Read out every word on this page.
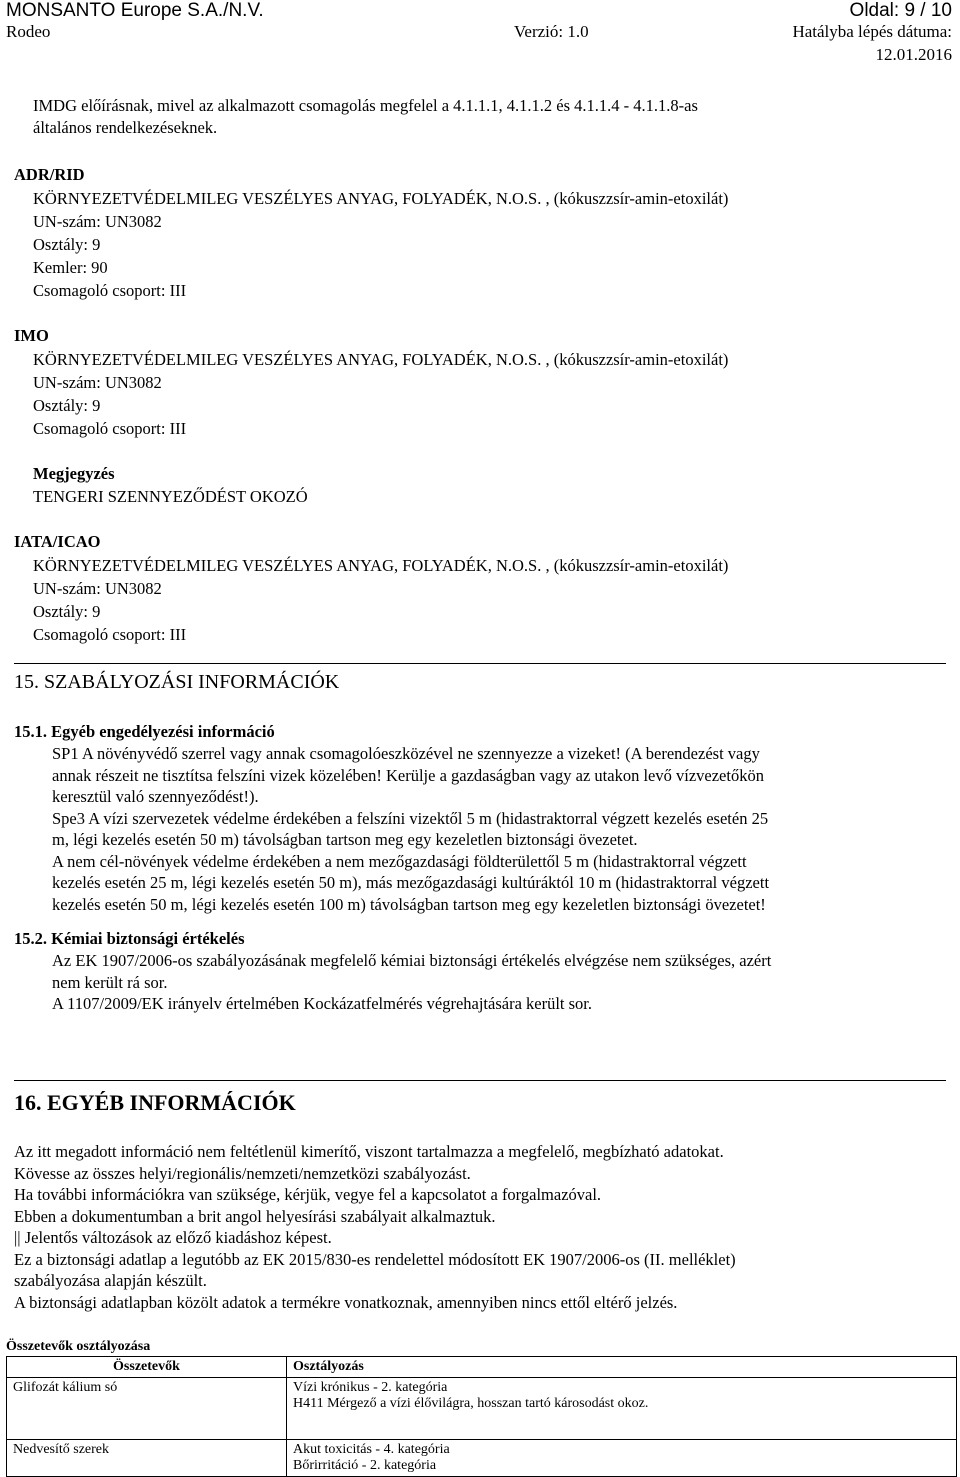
MONSANTO Europe S.A./N.V.	Oldal: 9 / 10
Rodeo	Verzió: 1.0	Hatályba lépés dátuma:
12.01.2016
IMDG előírásnak, mivel az alkalmazott csomagolás megfelel a 4.1.1.1, 4.1.1.2 és 4.1.1.4 - 4.1.1.8-as
általános rendelkezéseknek.
ADR/RID
KÖRNYEZETVÉDELMILEG VESZÉLYES ANYAG, FOLYADÉK, N.O.S. , (kókuszzsír-amin-etoxilát)
UN-szám: UN3082
Osztály: 9
Kemler: 90
Csomagoló csoport: III
IMO
KÖRNYEZETVÉDELMILEG VESZÉLYES ANYAG, FOLYADÉK, N.O.S. , (kókuszzsír-amin-etoxilát)
UN-szám: UN3082
Osztály: 9
Csomagoló csoport: III
Megjegyzés
TENGERI SZENNYEZŐDÉST OKOZÓ
IATA/ICAO
KÖRNYEZETVÉDELMILEG VESZÉLYES ANYAG, FOLYADÉK, N.O.S. , (kókuszzsír-amin-etoxilát)
UN-szám: UN3082
Osztály: 9
Csomagoló csoport: III
15. SZABÁLYOZÁSI INFORMÁCIÓK
15.1. Egyéb engedélyezési információ
SP1 A növényvédő szerrel vagy annak csomagolóeszközével ne szennyezze a vizeket! (A berendezést vagy
annak részeit ne tisztítsa felszíni vizek közelében! Kerülje a gazdaságban vagy az utakon levő vízvezetőkön
keresztül való szennyeződést!).
Spe3 A vízi szervezetek védelme érdekében a felszíni vizektől 5 m (hidastraktorral végzett kezelés esetén 25
m, légi kezelés esetén 50 m) távolságban tartson meg egy kezeletlen biztonsági övezetet.
A nem cél-növények védelme érdekében a nem mezőgazdasági földterülettől 5 m (hidastraktorral végzett
kezelés esetén 25 m, légi kezelés esetén 50 m), más mezőgazdasági kultúráktól 10 m (hidastraktorral végzett
kezelés esetén 50 m, légi kezelés esetén 100 m) távolságban tartson meg egy kezeletlen biztonsági övezetet!
15.2. Kémiai biztonsági értékelés
Az EK 1907/2006-os szabályozásának megfelelő kémiai biztonsági értékelés elvégzése nem szükséges, azért
nem került rá sor.
A 1107/2009/EK irányelv értelmében Kockázatfelmérés végrehajtására került sor.
16. EGYÉB INFORMÁCIÓK
Az itt megadott információ nem feltétlenül kimerítő, viszont tartalmazza a megfelelő, megbízható adatokat.
Kövesse az összes helyi/regionális/nemzeti/nemzetközi szabályozást.
Ha további információkra van szüksége, kérjük, vegye fel a kapcsolatot a forgalmazóval.
Ebben a dokumentumban a brit angol helyesírási szabályait alkalmaztuk.
|| Jelentős változások az előző kiadáshoz képest.
Ez a biztonsági adatlap a legutóbb az EK 2015/830-es rendelettel módosított EK 1907/2006-os (II. melléklet)
szabályozása alapján készült.
A biztonsági adatlapban közölt adatok a termékre vonatkoznak, amennyiben nincs ettől eltérő jelzés.
Összetevők osztályozása
Összetevők	Osztályozás
Glifozát kálium só	Vízi krónikus - 2. kategória
H411 Mérgező a vízi élővilágra, hosszan tartó károsodást okoz.

Nedvesítő szerek	Akut toxicitás - 4. kategória
Bőrirritáció - 2. kategória
